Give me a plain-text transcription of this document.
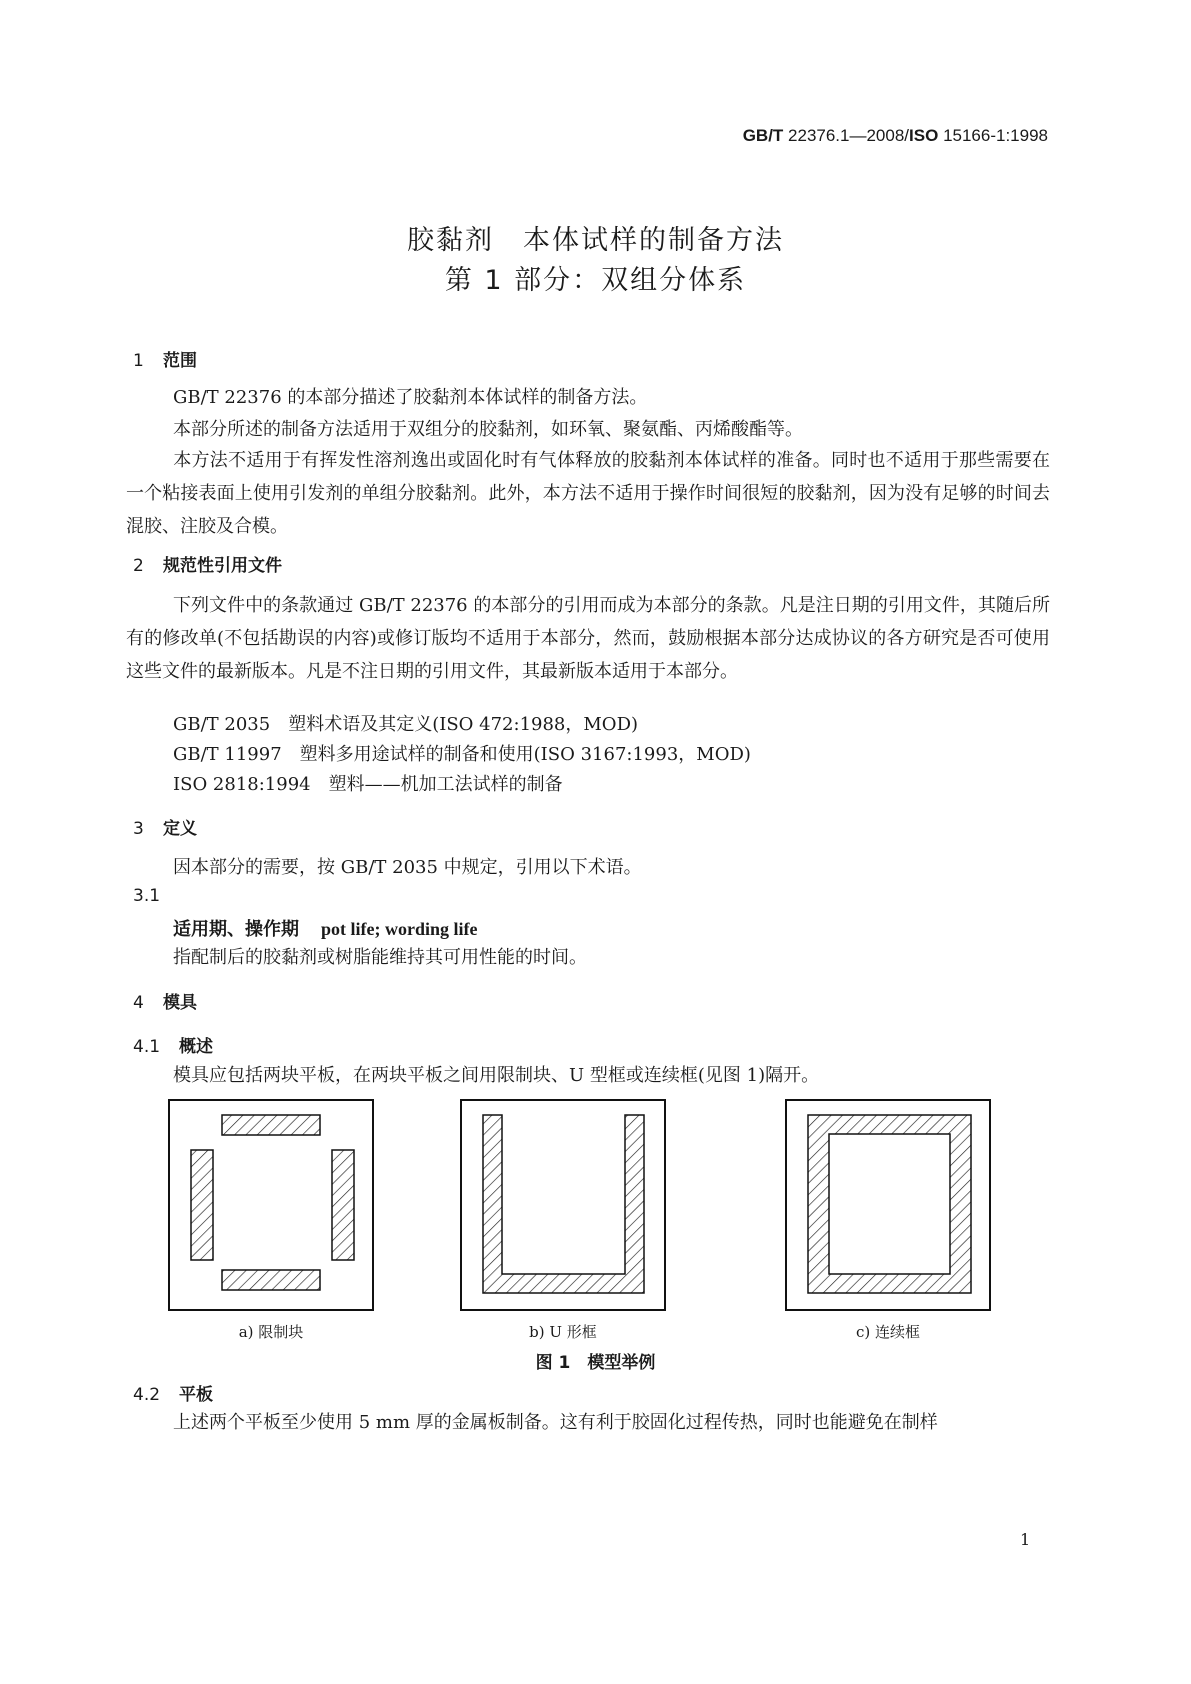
GB/T 22376.1—2008/ISO 15166-1:1998
胶黏剂　本体试样的制备方法
第 1 部分：双组分体系
1 范围
GB/T 22376 的本部分描述了胶黏剂本体试样的制备方法。
本部分所述的制备方法适用于双组分的胶黏剂，如环氧、聚氨酯、丙烯酸酯等。
本方法不适用于有挥发性溶剂逸出或固化时有气体释放的胶黏剂本体试样的准备。同时也不适用于那些需要在一个粘接表面上使用引发剂的单组分胶黏剂。此外，本方法不适用于操作时间很短的胶黏剂，因为没有足够的时间去混胶、注胶及合模。
2 规范性引用文件
下列文件中的条款通过 GB/T 22376 的本部分的引用而成为本部分的条款。凡是注日期的引用文件，其随后所有的修改单(不包括勘误的内容)或修订版均不适用于本部分，然而，鼓励根据本部分达成协议的各方研究是否可使用这些文件的最新版本。凡是不注日期的引用文件，其最新版本适用于本部分。
GB/T 2035　塑料术语及其定义(ISO 472:1988，MOD)
GB/T 11997　塑料多用途试样的制备和使用(ISO 3167:1993，MOD)
ISO 2818:1994　塑料——机加工法试样的制备
3 定义
因本部分的需要，按 GB/T 2035 中规定，引用以下术语。
3.1
适用期、操作期 pot life; wording life
指配制后的胶黏剂或树脂能维持其可用性能的时间。
4 模具
4.1 概述
模具应包括两块平板，在两块平板之间用限制块、U 型框或连续框(见图 1)隔开。
a) 限制块	b) U 形框	c) 连续框
图 1　模型举例
4.2 平板
上述两个平板至少使用 5 mm 厚的金属板制备。这有利于胶固化过程传热，同时也能避免在制样
1
